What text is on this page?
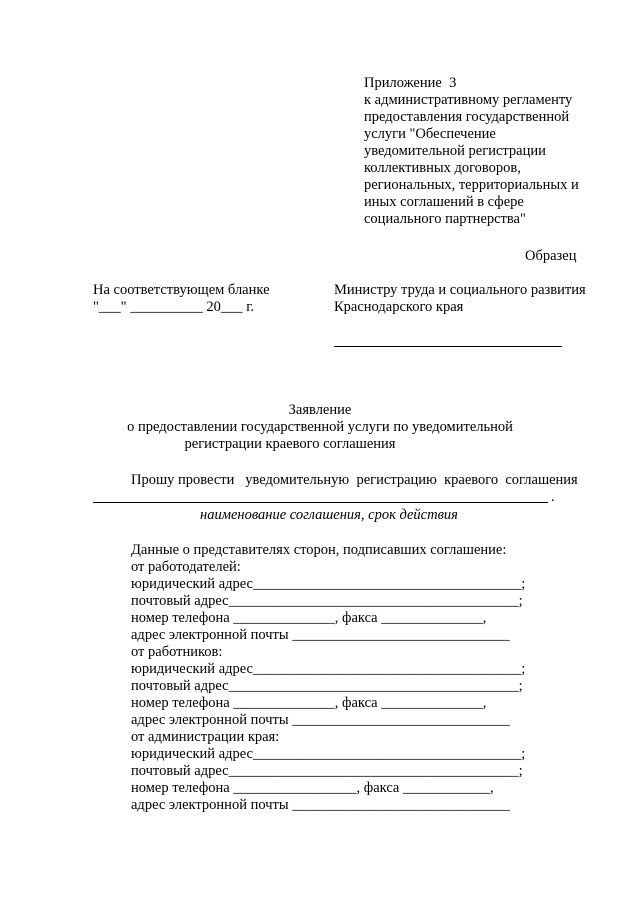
Приложение  3
к административному регламенту
предоставления государственной
услуги "Обеспечение
уведомительной регистрации
коллективных договоров,
региональных, территориальных и
иных соглашений в сфере
социального партнерства"
Образец
На соответствующем бланке
"___" __________ 20___ г.
Министру труда и социального развития
Краснодарского края
Заявление
о предоставлении государственной услуги по уведомительной
регистрации краевого соглашения
Прошу провести   уведомительную  регистрацию  краевого  соглашения
.
наименование соглашения, срок действия
Данные о представителях сторон, подписавших соглашение:
от работодателей:
юридический адрес_____________________________________;
почтовый адрес________________________________________;
номер телефона ______________, факса ______________,
адрес электронной почты ______________________________
от работников:
юридический адрес_____________________________________;
почтовый адрес________________________________________;
номер телефона ______________, факса ______________,
адрес электронной почты ______________________________
от администрации края:
юридический адрес_____________________________________;
почтовый адрес________________________________________;
номер телефона _________________, факса ____________,
адрес электронной почты ______________________________
